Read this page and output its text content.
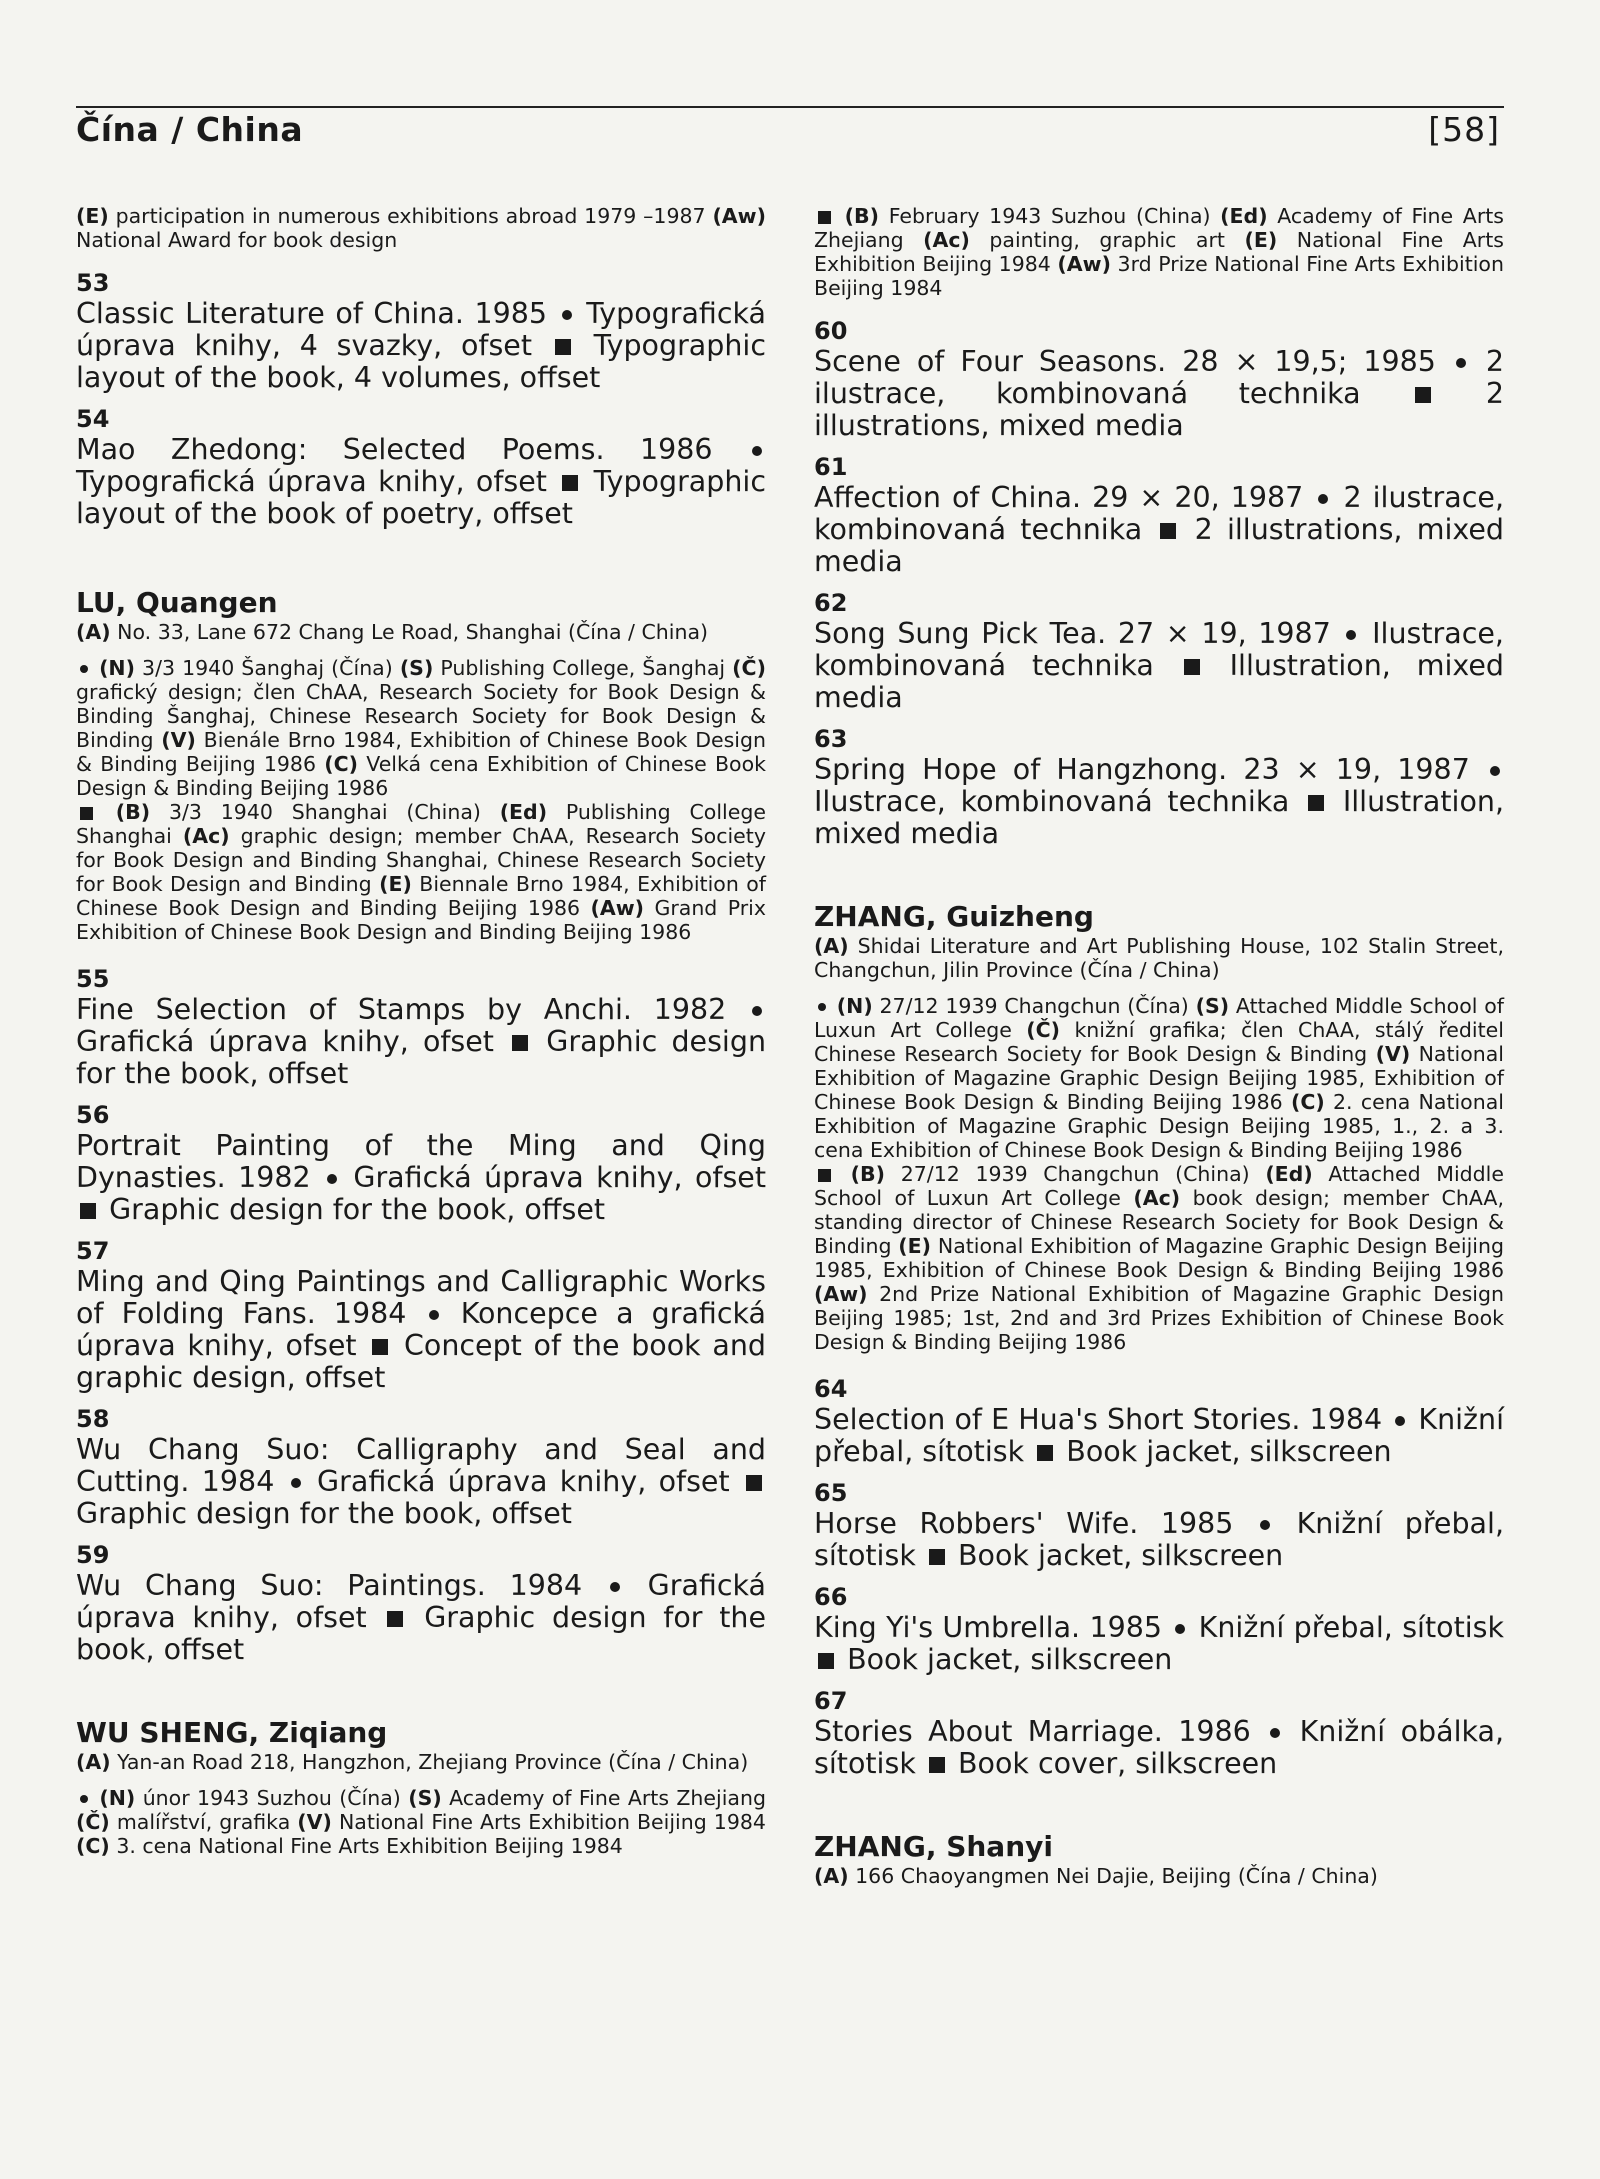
Čína / China	[58]

(E) participation in numerous exhibitions abroad 1979 –1987 (Aw) National Award for book design

53

Classic Literature of China. 1985 Typografická úprava knihy, 4 svazky, ofset Typographic layout of the book, 4 volumes, offset

54

Mao Zhedong: Selected Poems. 1986  Typografická úprava knihy, ofset Typographic layout of the book of poetry, offset

LU, Quangen

(A) No. 33, Lane 672 Chang Le Road, Shanghai (Čína / China)

(N) 3/3 1940 Šanghaj (Čína) (S) Publishing College, Šanghaj (Č) grafický design; člen ChAA, Research Society for Book Design & Binding Šanghaj, Chinese Research Society for Book Design & Binding (V) Bienále Brno 1984, Exhibition of Chinese Book Design & Binding Beijing 1986 (C) Velká cena Exhibition of Chinese Book Design & Binding Beijing 1986

(B) 3/3 1940 Shanghai (China) (Ed) Publishing College Shanghai (Ac) graphic design; member ChAA, Research Society for Book Design and Binding Shanghai, Chinese Research Society for Book Design and Binding (E) Biennale Brno 1984, Exhibition of Chinese Book Design and Binding Beijing 1986 (Aw) Grand Prix Exhibition of Chinese Book Design and Binding Beijing 1986

55

Fine Selection of Stamps by Anchi. 1982  Grafická úprava knihy, ofset Graphic design for the book, offset

56

Portrait Painting of the Ming and Qing Dynasties. 1982 Grafická úprava knihy, ofset  Graphic design for the book, offset

57

Ming and Qing Paintings and Calligraphic Works of Folding Fans. 1984 Koncepce a grafická úprava knihy, ofset Concept of the book and graphic design, offset

58

Wu Chang Suo: Calligraphy and Seal and Cutting. 1984 Grafická úprava knihy, ofset  Graphic design for the book, offset

59

Wu Chang Suo: Paintings. 1984 Grafická úprava knihy, ofset Graphic design for the book, offset

WU SHENG, Ziqiang

(A) Yan-an Road 218, Hangzhon, Zhejiang Province (Čína / China)

(N) únor 1943 Suzhou (Čína) (S) Academy of Fine Arts Zhejiang (Č) malířství, grafika (V) National Fine Arts Exhibition Beijing 1984 (C) 3. cena National Fine Arts Exhibition Beijing 1984

(B) February 1943 Suzhou (China) (Ed) Academy of Fine Arts Zhejiang (Ac) painting, graphic art (E) National Fine Arts Exhibition Beijing 1984 (Aw) 3rd Prize National Fine Arts Exhibition Beijing 1984

60

Scene of Four Seasons. 28 × 19,5; 1985 2 ilustrace, kombinovaná technika	2 illustrations, mixed media

61

Affection of China. 29 × 20, 1987 2 ilustrace, kombinovaná technika 2 illustrations, mixed media

62

Song Sung Pick Tea. 27 × 19, 1987 Ilustrace, kombinovaná technika	Illustration, mixed media

63

Spring Hope of Hangzhong. 23 × 19, 1987  Ilustrace, kombinovaná technika Illustration, mixed media

ZHANG, Guizheng

(A) Shidai Literature and Art Publishing House, 102 Stalin Street, Changchun, Jilin Province (Čína / China)

(N) 27/12 1939 Changchun (Čína) (S) Attached Middle School of Luxun Art College (Č) knižní grafika; člen ChAA, stálý ředitel Chinese Research Society for Book Design & Binding (V) National Exhibition of Magazine Graphic Design Beijing 1985, Exhibition of Chinese Book Design & Binding Beijing 1986 (C) 2. cena National Exhibition of Magazine Graphic Design Beijing 1985, 1., 2. a 3. cena Exhibition of Chinese Book Design & Binding Beijing 1986

(B) 27/12 1939 Changchun (China) (Ed) Attached Middle School of Luxun Art College (Ac) book design; member ChAA, standing director of Chinese Research Society for Book Design & Binding (E) National Exhibition of Magazine Graphic Design Beijing 1985, Exhibition of Chinese Book Design & Binding Beijing 1986 (Aw) 2nd Prize National Exhibition of Magazine Graphic Design Beijing 1985; 1st, 2nd and 3rd Prizes Exhibition of Chinese Book Design & Binding Beijing 1986

64

Selection of E Hua's Short Stories. 1984 Knižní přebal, sítotisk Book jacket, silkscreen

65

Horse Robbers' Wife. 1985 Knižní přebal, sítotisk Book jacket, silkscreen

66

King Yi's Umbrella. 1985 Knižní přebal, sítotisk  Book jacket, silkscreen

67

Stories About Marriage. 1986 Knižní obálka, sítotisk Book cover, silkscreen

ZHANG, Shanyi

(A) 166 Chaoyangmen Nei Dajie, Beijing (Čína / China)
